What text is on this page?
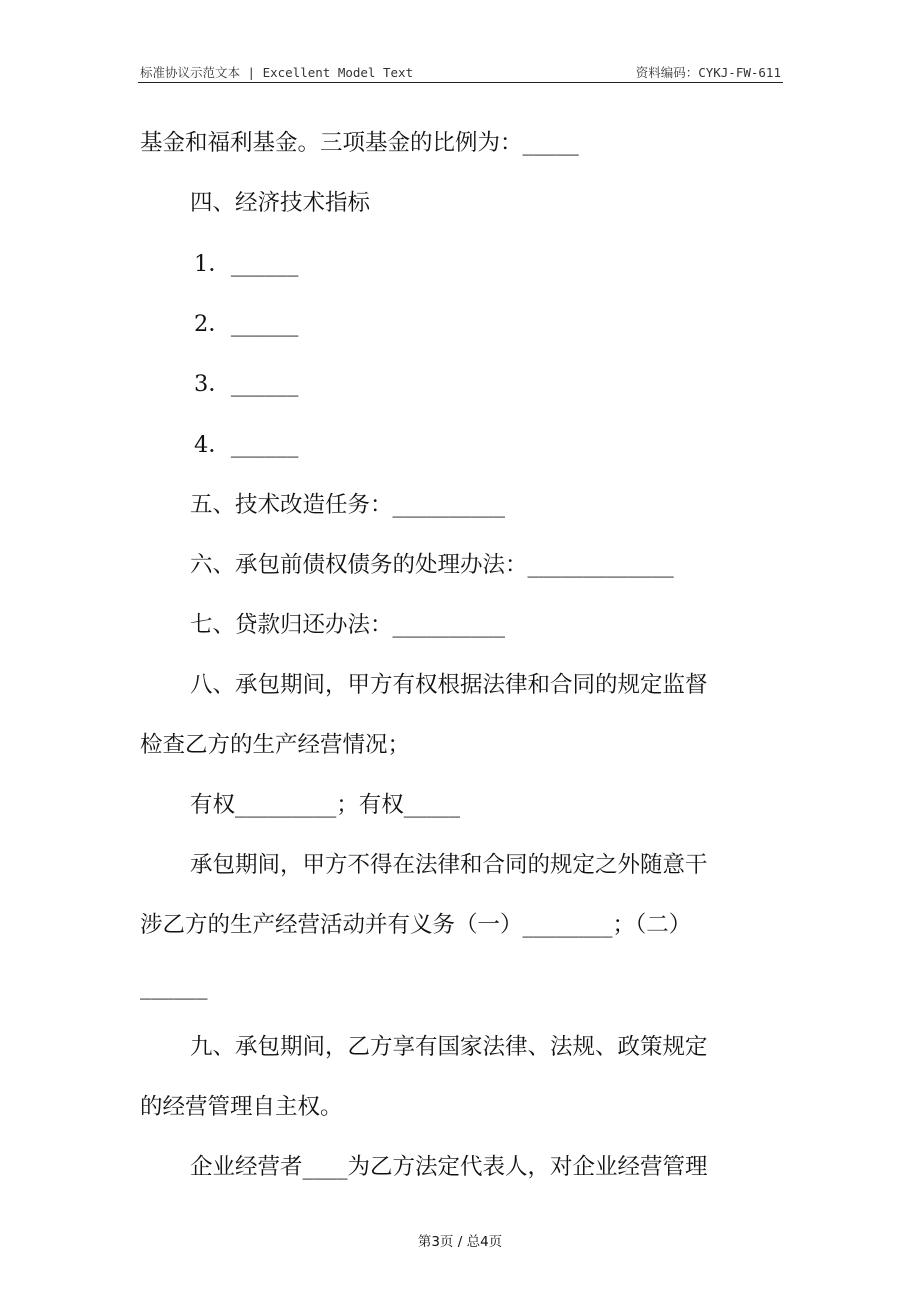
标准协议示范文本 | Excellent Model Text	资料编码：CYKJ-FW-611
基金和福利基金。三项基金的比例为：_____
四、经济技术指标
1．______
2．______
3．______
4．______
五、技术改造任务：__________
六、承包前债权债务的处理办法：_____________
七、贷款归还办法：__________
八、承包期间，甲方有权根据法律和合同的规定监督
检查乙方的生产经营情况；
有权_________；有权_____
承包期间，甲方不得在法律和合同的规定之外随意干
涉乙方的生产经营活动并有义务（一）________；（二）
______
九、承包期间，乙方享有国家法律、法规、政策规定
的经营管理自主权。
企业经营者____为乙方法定代表人，对企业经营管理
第3页 / 总4页
